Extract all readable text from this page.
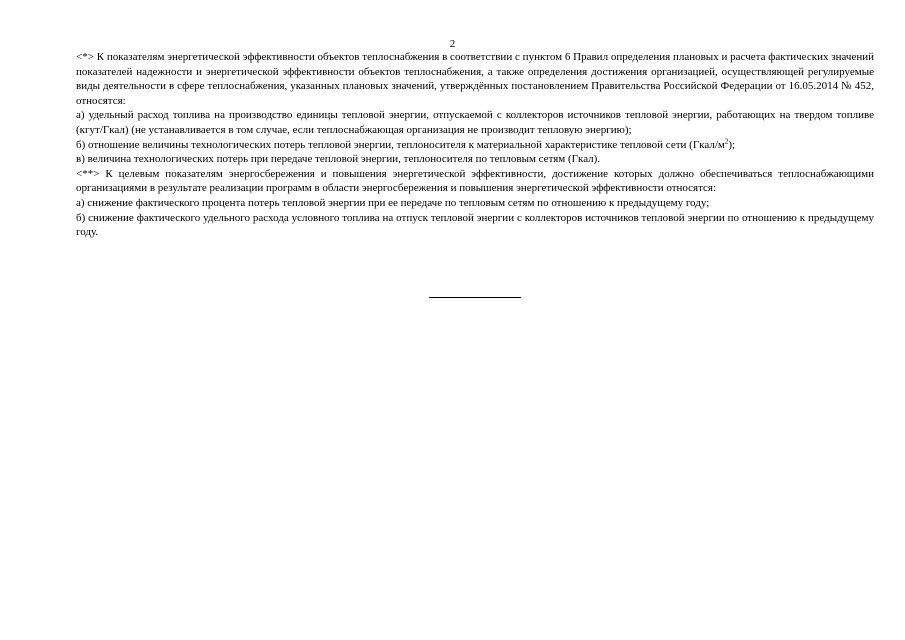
2

<*> К показателям энергетической эффективности объектов теплоснабжения в соответствии с пунктом 6 Правил определения плановых и расчета фактических значений показателей надежности и энергетической эффективности объектов теплоснабжения, а также определения достижения организацией, осуществляющей регулируемые виды деятельности в сфере теплоснабжения, указанных плановых значений, утверждённых постановлением Правительства Российской Федерации от 16.05.2014 № 452, относятся:

а) удельный расход топлива на производство единицы тепловой энергии, отпускаемой с коллекторов источников тепловой энергии, работающих на твердом топливе (кгут/Гкал) (не устанавливается в том случае, если теплоснабжающая организация не производит тепловую энергию);

б) отношение величины технологических потерь тепловой энергии, теплоносителя к материальной характеристике тепловой сети $(Гкал/м^2)$;

в) величина технологических потерь при передаче тепловой энергии, теплоносителя по тепловым сетям (Гкал).

<**> К целевым показателям энергосбережения и повышения энергетической эффективности, достижение которых должно обеспечиваться теплоснабжающими организациями в результате реализации программ в области энергосбережения и повышения энергетической эффективности относятся:

а) снижение фактического процента потерь тепловой энергии при ее передаче по тепловым сетям по отношению к предыдущему году;

б) снижение фактического удельного расхода условного топлива на отпуск тепловой энергии с коллекторов источников тепловой энергии по отношению к предыдущему году.
